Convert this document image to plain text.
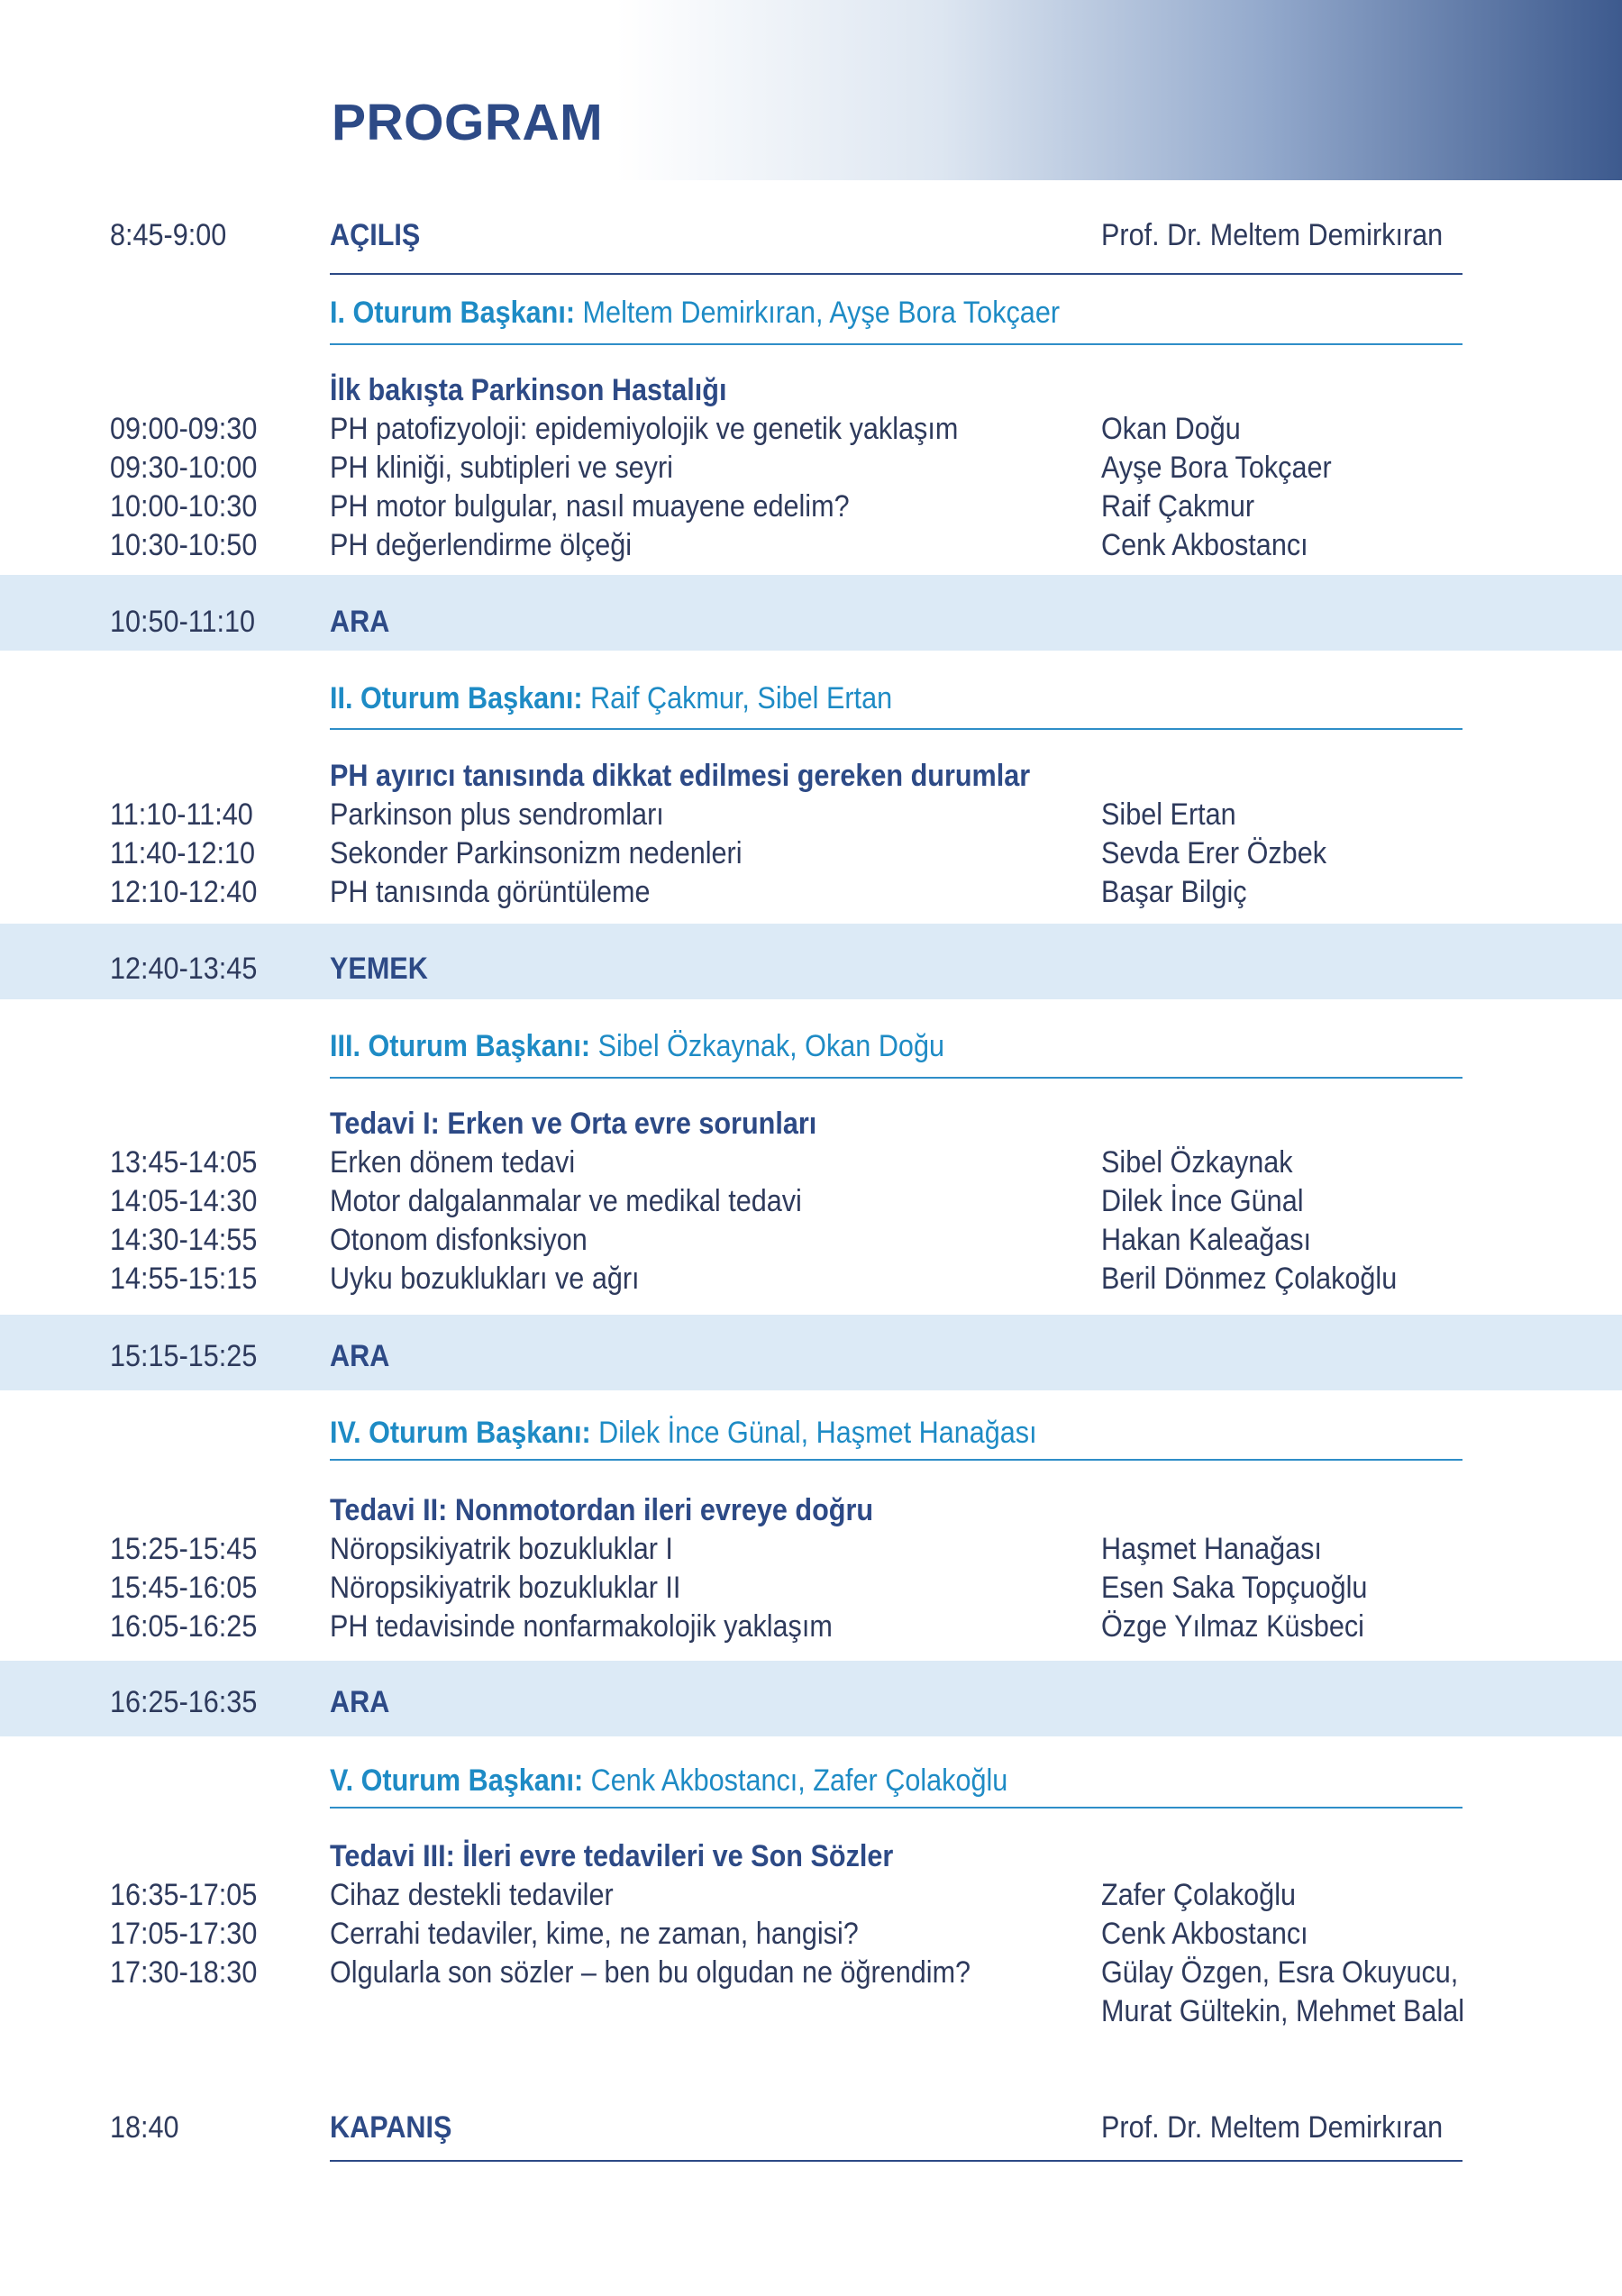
PROGRAM
8:45-9:00	AÇILIŞ	Prof. Dr. Meltem Demirkıran
I. Oturum Başkanı: Meltem Demirkıran, Ayşe Bora Tokçaer
İlk bakışta Parkinson Hastalığı
09:00-09:30 PH patofizyoloji: epidemiyolojik ve genetik yaklaşım	Okan Doğu
09:30-10:00 PH kliniği, subtipleri ve seyri	Ayşe Bora Tokçaer
10:00-10:30 PH motor bulgular, nasıl muayene edelim?	Raif Çakmur
10:30-10:50 PH değerlendirme ölçeği	Cenk Akbostancı
10:50-11:10 ARA
II. Oturum Başkanı: Raif Çakmur, Sibel Ertan
PH ayırıcı tanısında dikkat edilmesi gereken durumlar
11:10-11:40	Parkinson plus sendromları	Sibel Ertan
11:40-12:10 Sekonder Parkinsonizm nedenleri	Sevda Erer Özbek
12:10-12:40 PH tanısında görüntüleme	Başar Bilgiç
12:40-13:45 YEMEK
III. Oturum Başkanı: Sibel Özkaynak, Okan Doğu
Tedavi I: Erken ve Orta evre sorunları
13:45-14:05 Erken dönem tedavi	Sibel Özkaynak
14:05-14:30 Motor dalgalanmalar ve medikal tedavi	Dilek İnce Günal
14:30-14:55 Otonom disfonksiyon	Hakan Kaleağası
14:55-15:15 Uyku bozuklukları ve ağrı	Beril Dönmez Çolakoğlu
15:15-15:25 ARA
IV. Oturum Başkanı: Dilek İnce Günal, Haşmet Hanağası
Tedavi II: Nonmotordan ileri evreye doğru
15:25-15:45 Nöropsikiyatrik bozukluklar I	Haşmet Hanağası
15:45-16:05 Nöropsikiyatrik bozukluklar II	Esen Saka Topçuoğlu
16:05-16:25 PH tedavisinde nonfarmakolojik yaklaşım	Özge Yılmaz Küsbeci
16:25-16:35 ARA
V. Oturum Başkanı: Cenk Akbostancı, Zafer Çolakoğlu
Tedavi III: İleri evre tedavileri ve Son Sözler
16:35-17:05 Cihaz destekli tedaviler	Zafer Çolakoğlu
17:05-17:30 Cerrahi tedaviler, kime, ne zaman, hangisi?	Cenk Akbostancı
17:30-18:30 Olgularla son sözler – ben bu olgudan ne öğrendim?	Gülay Özgen, Esra Okuyucu,
Murat Gültekin, Mehmet Balal
18:40	KAPANIŞ	Prof. Dr. Meltem Demirkıran
